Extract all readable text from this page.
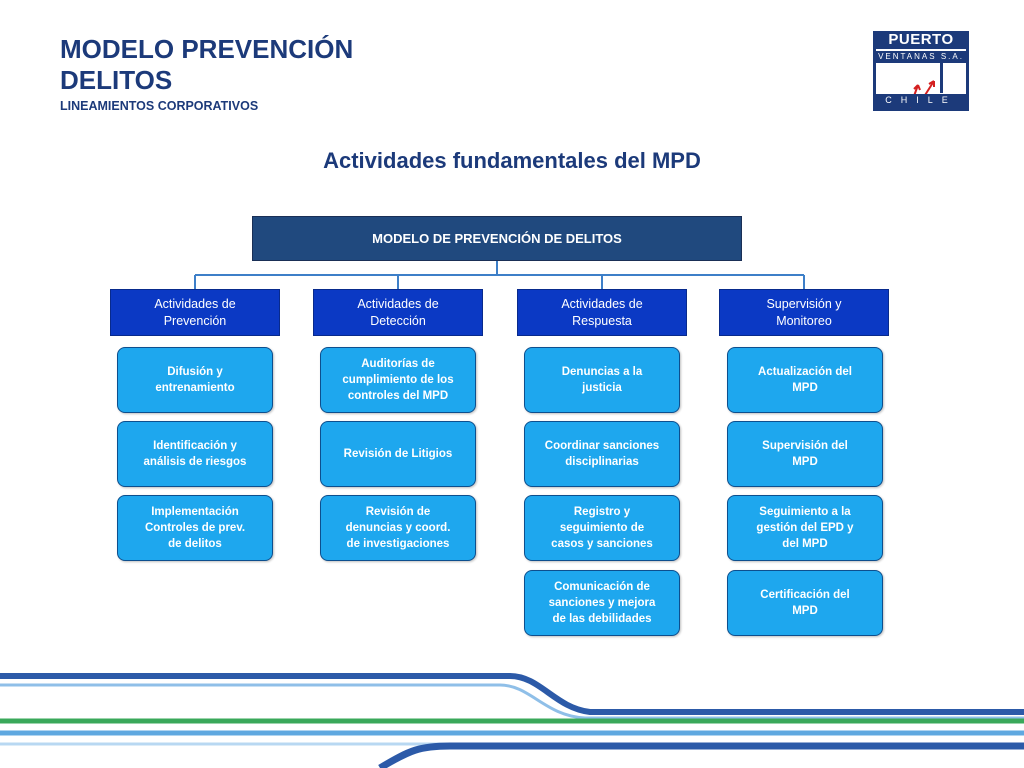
MODELO PREVENCIÓN DELITOS
LINEAMIENTOS CORPORATIVOS
PUERTO
VENTANAS S.A.
CHILE
Actividades fundamentales del MPD
MODELO DE PREVENCIÓN DE DELITOS
Actividades de
Prevención
Actividades de
Detección
Actividades de
Respuesta
Supervisión y
Monitoreo
Difusión y
entrenamiento
Identificación y
análisis de riesgos
Implementación
Controles de prev.
de delitos
Auditorías de
cumplimiento de los
controles del MPD
Revisión de Litigios
Revisión de
denuncias y coord.
de investigaciones
Denuncias a la
justicia
Coordinar sanciones
disciplinarias
Registro y
seguimiento de
casos y sanciones
Comunicación de
sanciones y mejora
de las debilidades
Actualización del
MPD
Supervisión del
MPD
Seguimiento a la
gestión del EPD y
del MPD
Certificación del
MPD
